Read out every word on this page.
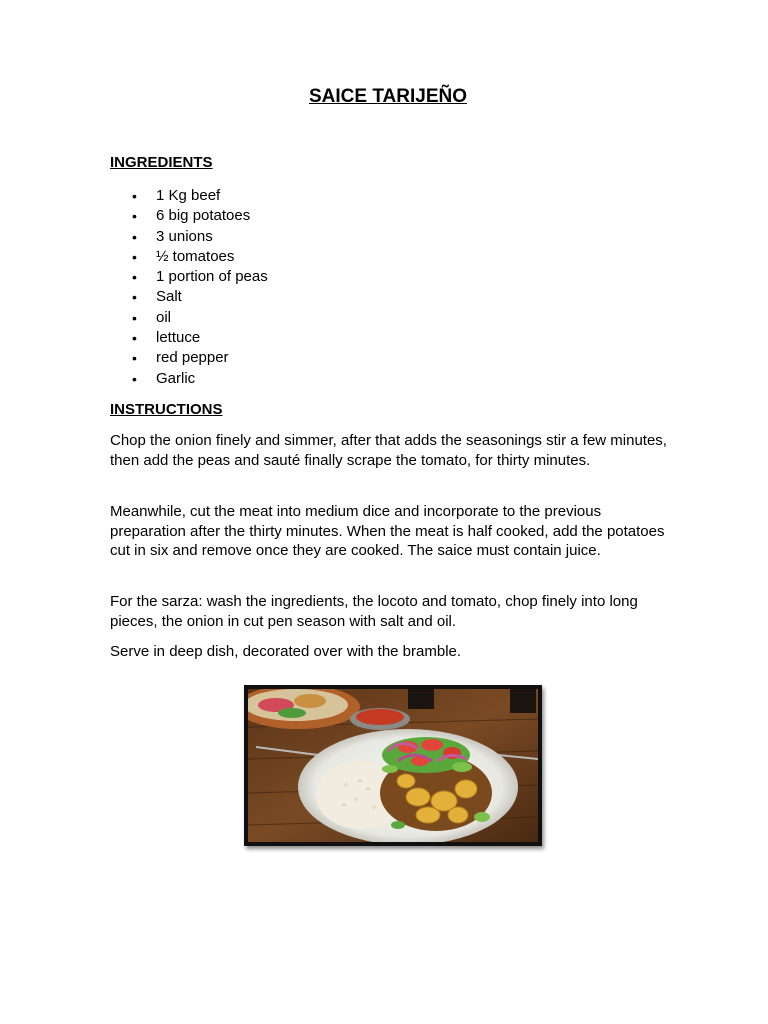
SAICE TARIJEÑO
INGREDIENTS
• 1 Kg beef
• 6 big potatoes
• 3 unions
• ½ tomatoes
• 1 portion of peas
• Salt
• oil
• lettuce
• red pepper
• Garlic
INSTRUCTIONS

Chop the onion finely and simmer, after that adds the seasonings stir a few minutes, then add the peas and sauté finally scrape the tomato, for thirty minutes.

Meanwhile, cut the meat into medium dice and incorporate to the previous preparation after the thirty minutes. When the meat is half cooked, add the potatoes cut in six and remove once they are cooked. The saice must contain juice.

For the sarza: wash the ingredients, the locoto and tomato, chop finely into long pieces, the onion in cut pen season with salt and oil.

Serve in deep dish, decorated over with the bramble.
